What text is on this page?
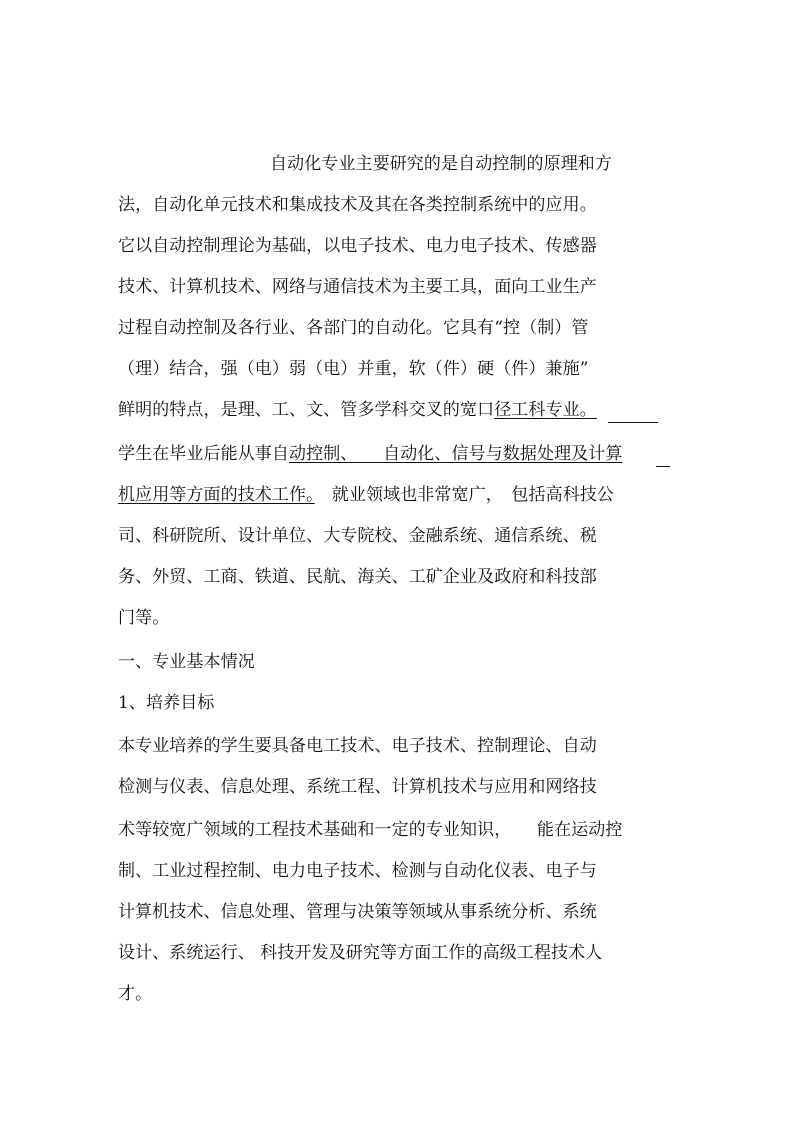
自动化专业主要研究的是自动控制的原理和方
法，自动化单元技术和集成技术及其在各类控制系统中的应用。
它以自动控制理论为基础，以电子技术、电力电子技术、传感器
技术、计算机技术、网络与通信技术为主要工具，面向工业生产
过程自动控制及各行业、各部门的自动化。它具有“控（制）管
（理）结合，强（电）弱（电）并重，软（件）硬（件）兼施”
鲜明的特点，是理、工、文、管多学科交叉的宽口径工科专业。
学生在毕业后能从事自动控制、　　自动化、信号与数据处理及计算
机应用等方面的技术工作。　就业领域也非常宽广，　包括高科技公
司、科研院所、设计单位、大专院校、金融系统、通信系统、税
务、外贸、工商、铁道、民航、海关、工矿企业及政府和科技部
门等。
一、专业基本情况
1、培养目标
本专业培养的学生要具备电工技术、电子技术、控制理论、自动
检测与仪表、信息处理、系统工程、计算机技术与应用和网络技
术等较宽广领域的工程技术基础和一定的专业知识，　　能在运动控
制、工业过程控制、电力电子技术、检测与自动化仪表、电子与
计算机技术、信息处理、管理与决策等领域从事系统分析、系统
设计、系统运行、 科技开发及研究等方面工作的高级工程技术人
才。
